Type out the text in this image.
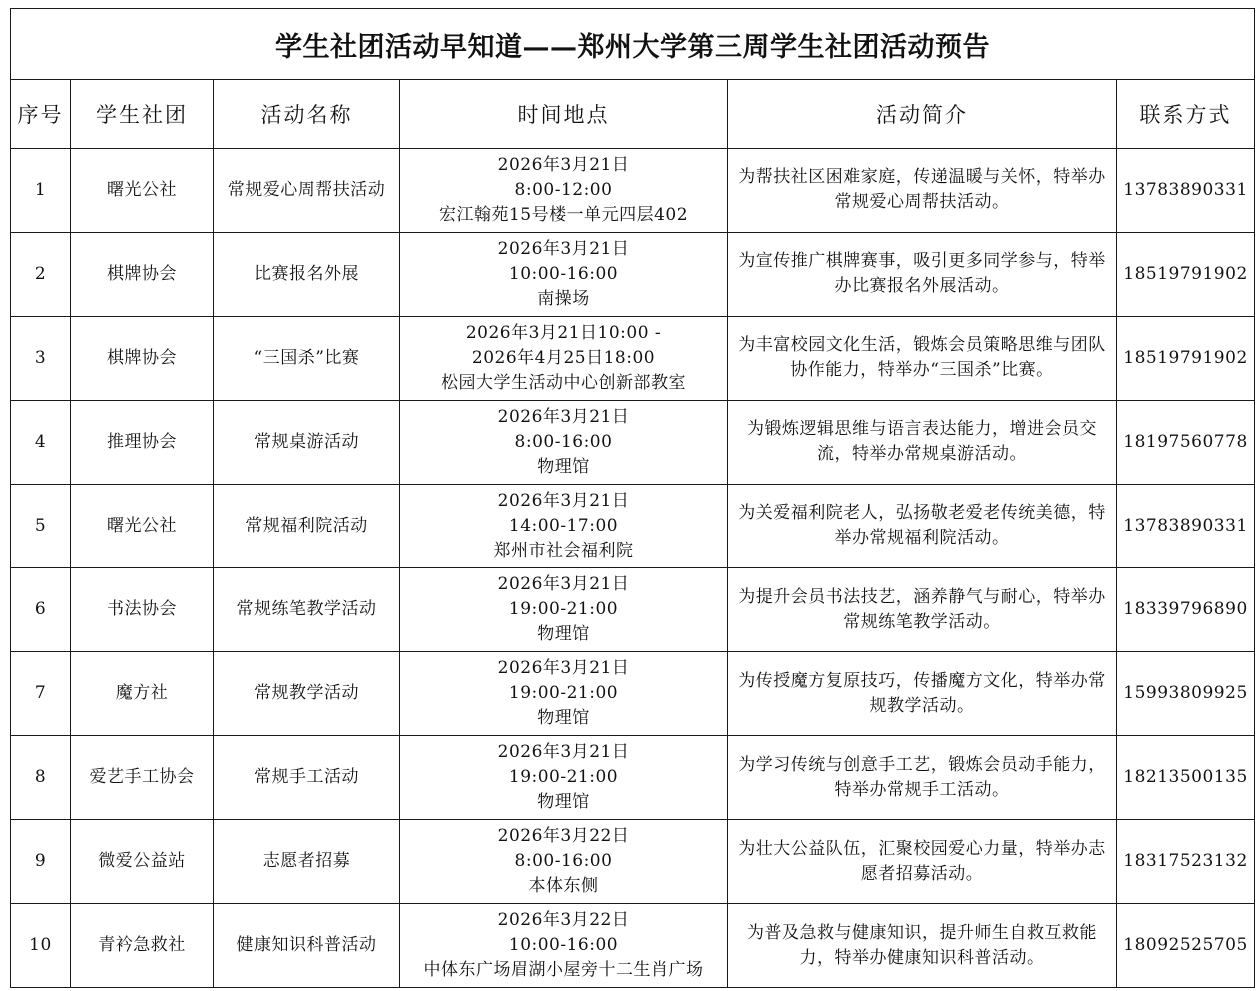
学生社团活动早知道——郑州大学第三周学生社团活动预告					
序号	学生社团	活动名称	时间地点	活动简介	联系方式
1	曙光公社	常规爱心周帮扶活动	2026年3月21日
8:00-12:00
宏江翰苑15号楼一单元四层402	为帮扶社区困难家庭，传递温暖与关怀，特举办常规爱心周帮扶活动。	13783890331
2	棋牌协会	比赛报名外展	2026年3月21日
10:00-16:00
南操场	为宣传推广棋牌赛事，吸引更多同学参与，特举办比赛报名外展活动。	18519791902
3	棋牌协会	“三国杀”比赛	2026年3月21日10:00 -
2026年4月25日18:00
松园大学生活动中心创新部教室	为丰富校园文化生活，锻炼会员策略思维与团队协作能力，特举办“三国杀”比赛。	18519791902
4	推理协会	常规桌游活动	2026年3月21日
8:00-16:00
物理馆	为锻炼逻辑思维与语言表达能力，增进会员交流，特举办常规桌游活动。	18197560778
5	曙光公社	常规福利院活动	2026年3月21日
14:00-17:00
郑州市社会福利院	为关爱福利院老人，弘扬敬老爱老传统美德，特举办常规福利院活动。	13783890331
6	书法协会	常规练笔教学活动	2026年3月21日
19:00-21:00
物理馆	为提升会员书法技艺，涵养静气与耐心，特举办常规练笔教学活动。	18339796890
7	魔方社	常规教学活动	2026年3月21日
19:00-21:00
物理馆	为传授魔方复原技巧，传播魔方文化，特举办常规教学活动。	15993809925
8	爱艺手工协会	常规手工活动	2026年3月21日
19:00-21:00
物理馆	为学习传统与创意手工艺，锻炼会员动手能力，特举办常规手工活动。	18213500135
9	微爱公益站	志愿者招募	2026年3月22日
8:00-16:00
本体东侧	为壮大公益队伍，汇聚校园爱心力量，特举办志愿者招募活动。	18317523132
10	青衿急救社	健康知识科普活动	2026年3月22日
10:00-16:00
中体东广场眉湖小屋旁十二生肖广场	为普及急救与健康知识，提升师生自救互救能力，特举办健康知识科普活动。	18092525705
